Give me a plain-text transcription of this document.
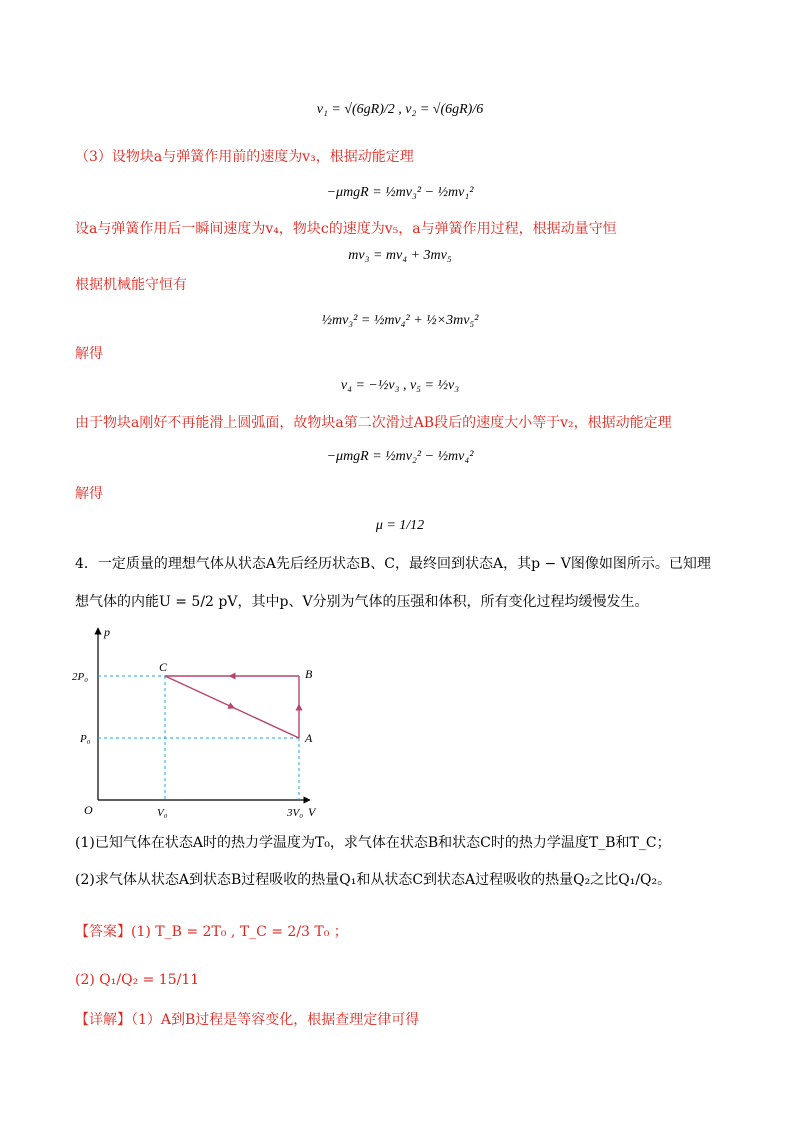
v₁ = √(6gR)/2 , v₂ = √(6gR)/6
（3）设物块a与弹簧作用前的速度为v₃，根据动能定理
−μmgR = ½mv₃² − ½mv₁²
设a与弹簧作用后一瞬间速度为v₄，物块c的速度为v₅，a与弹簧作用过程，根据动量守恒
mv₃ = mv₄ + 3mv₅
根据机械能守恒有
½mv₃² = ½mv₄² + ½×3mv₅²
解得
v₄ = −½v₃ , v₅ = ½v₃
由于物块a刚好不再能滑上圆弧面，故物块a第二次滑过AB段后的速度大小等于v₂，根据动能定理
−μmgR = ½mv₂² − ½mv₄²
解得
μ = 1/12
4．一定质量的理想气体从状态A先后经历状态B、C，最终回到状态A，其p − V图像如图所示。已知理
想气体的内能U = 5/2 pV，其中p、V分别为气体的压强和体积，所有变化过程均缓慢发生。
A
B
C
V₀	3V₀
2P₀
P₀
p
V
O
(1)已知气体在状态A时的热力学温度为T₀，求气体在状态B和状态C时的热力学温度T_B和T_C；
(2)求气体从状态A到状态B过程吸收的热量Q₁和从状态C到状态A过程吸收的热量Q₂之比Q₁/Q₂。
【答案】(1) T_B = 2T₀ , T_C = 2/3 T₀ ；
(2) Q₁/Q₂ = 15/11
【详解】（1）A到B过程是等容变化，根据查理定律可得
